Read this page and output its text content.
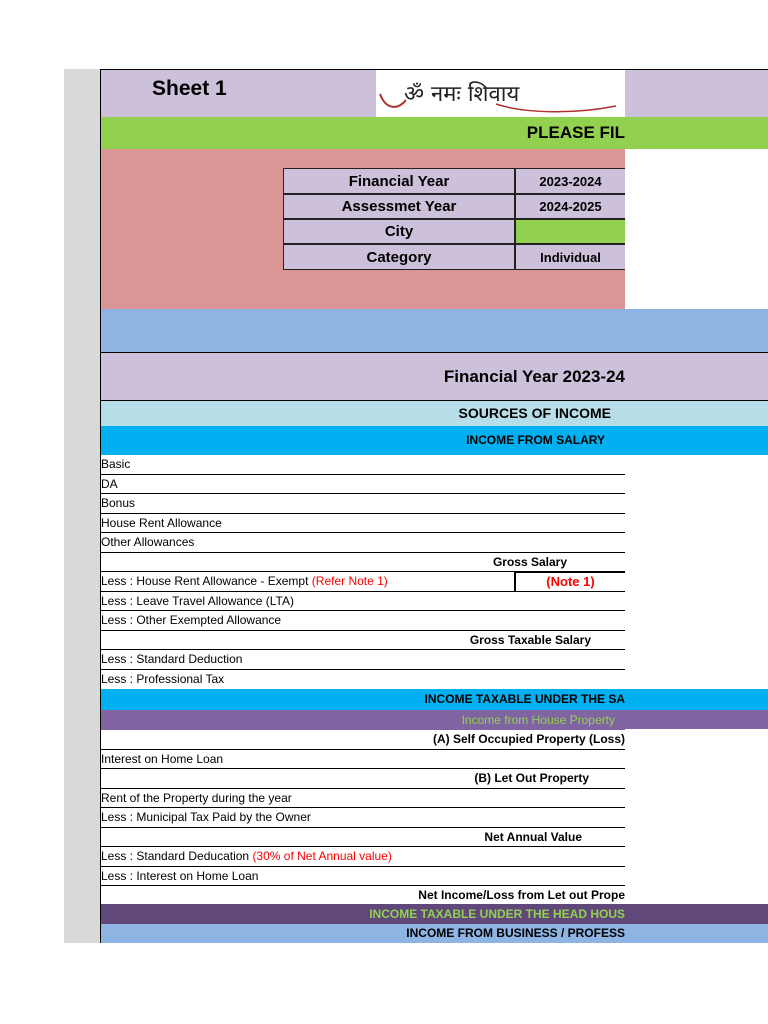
Sheet 1	ॐ नमः शिवाय
PLEASE FIL
Financial Year	2023-2024
Assessmet Year	2024-2025
City
Category	Individual
Financial Year 2023-24
SOURCES OF INCOME
INCOME FROM SALARY
Basic
DA
Bonus
House Rent Allowance
Other Allowances
Gross Salary
Less : House Rent Allowance - Exempt (Refer Note 1)	(Note 1)
Less : Leave Travel Allowance (LTA)
Less : Other Exempted Allowance
Gross Taxable Salary
Less : Standard Deduction
Less : Professional Tax
INCOME TAXABLE UNDER THE SA
Income from House Property
(A) Self Occupied Property (Loss)
Interest on Home Loan
(B) Let Out Property
Rent of the Property during the year
Less : Municipal Tax Paid by the Owner
Net Annual Value
Less : Standard Deducation (30% of Net Annual value)
Less : Interest on Home Loan
Net Income/Loss from Let out Prope
INCOME TAXABLE UNDER THE HEAD HOUS
INCOME FROM BUSINESS / PROFESS
